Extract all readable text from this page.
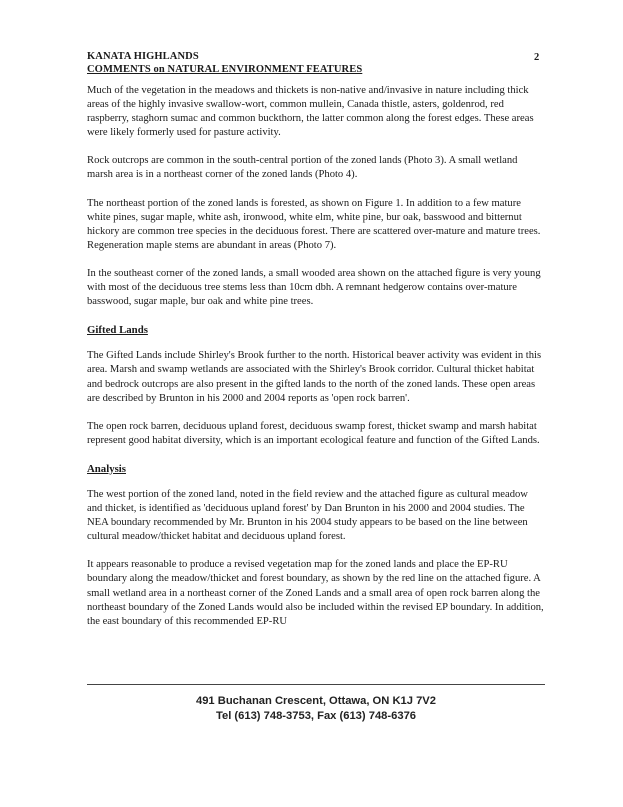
KANATA HIGHLANDS
COMMENTS on NATURAL ENVIRONMENT FEATURES
2

Much of the vegetation in the meadows and thickets is non-native and/invasive in nature including thick areas of the highly invasive swallow-wort, common mullein, Canada thistle, asters, goldenrod, red raspberry, staghorn sumac and common buckthorn, the latter common along the forest edges. These areas were likely formerly used for pasture activity.

Rock outcrops are common in the south-central portion of the zoned lands (Photo 3). A small wetland marsh area is in a northeast corner of the zoned lands (Photo 4).

The northeast portion of the zoned lands is forested, as shown on Figure 1. In addition to a few mature white pines, sugar maple, white ash, ironwood, white elm, white pine, bur oak, basswood and bitternut hickory are common tree species in the deciduous forest. There are scattered over-mature and mature trees. Regeneration maple stems are abundant in areas (Photo 7).

In the southeast corner of the zoned lands, a small wooded area shown on the attached figure is very young with most of the deciduous tree stems less than 10cm dbh. A remnant hedgerow contains over-mature basswood, sugar maple, bur oak and white pine trees.

Gifted Lands

The Gifted Lands include Shirley's Brook further to the north. Historical beaver activity was evident in this area. Marsh and swamp wetlands are associated with the Shirley's Brook corridor. Cultural thicket habitat and bedrock outcrops are also present in the gifted lands to the north of the zoned lands. These open areas are described by Brunton in his 2000 and 2004 reports as 'open rock barren'.

The open rock barren, deciduous upland forest, deciduous swamp forest, thicket swamp and marsh habitat represent good habitat diversity, which is an important ecological feature and function of the Gifted Lands.

Analysis

The west portion of the zoned land, noted in the field review and the attached figure as cultural meadow and thicket, is identified as 'deciduous upland forest' by Dan Brunton in his 2000 and 2004 studies. The NEA boundary recommended by Mr. Brunton in his 2004 study appears to be based on the line between cultural meadow/thicket habitat and deciduous upland forest.

It appears reasonable to produce a revised vegetation map for the zoned lands and place the EP-RU boundary along the meadow/thicket and forest boundary, as shown by the red line on the attached figure. A small wetland area in a northeast corner of the Zoned Lands and a small area of open rock barren along the northeast boundary of the Zoned Lands would also be included within the revised EP boundary. In addition, the east boundary of this recommended EP-RU

491 Buchanan Crescent, Ottawa, ON K1J 7V2
Tel (613) 748-3753, Fax (613) 748-6376
